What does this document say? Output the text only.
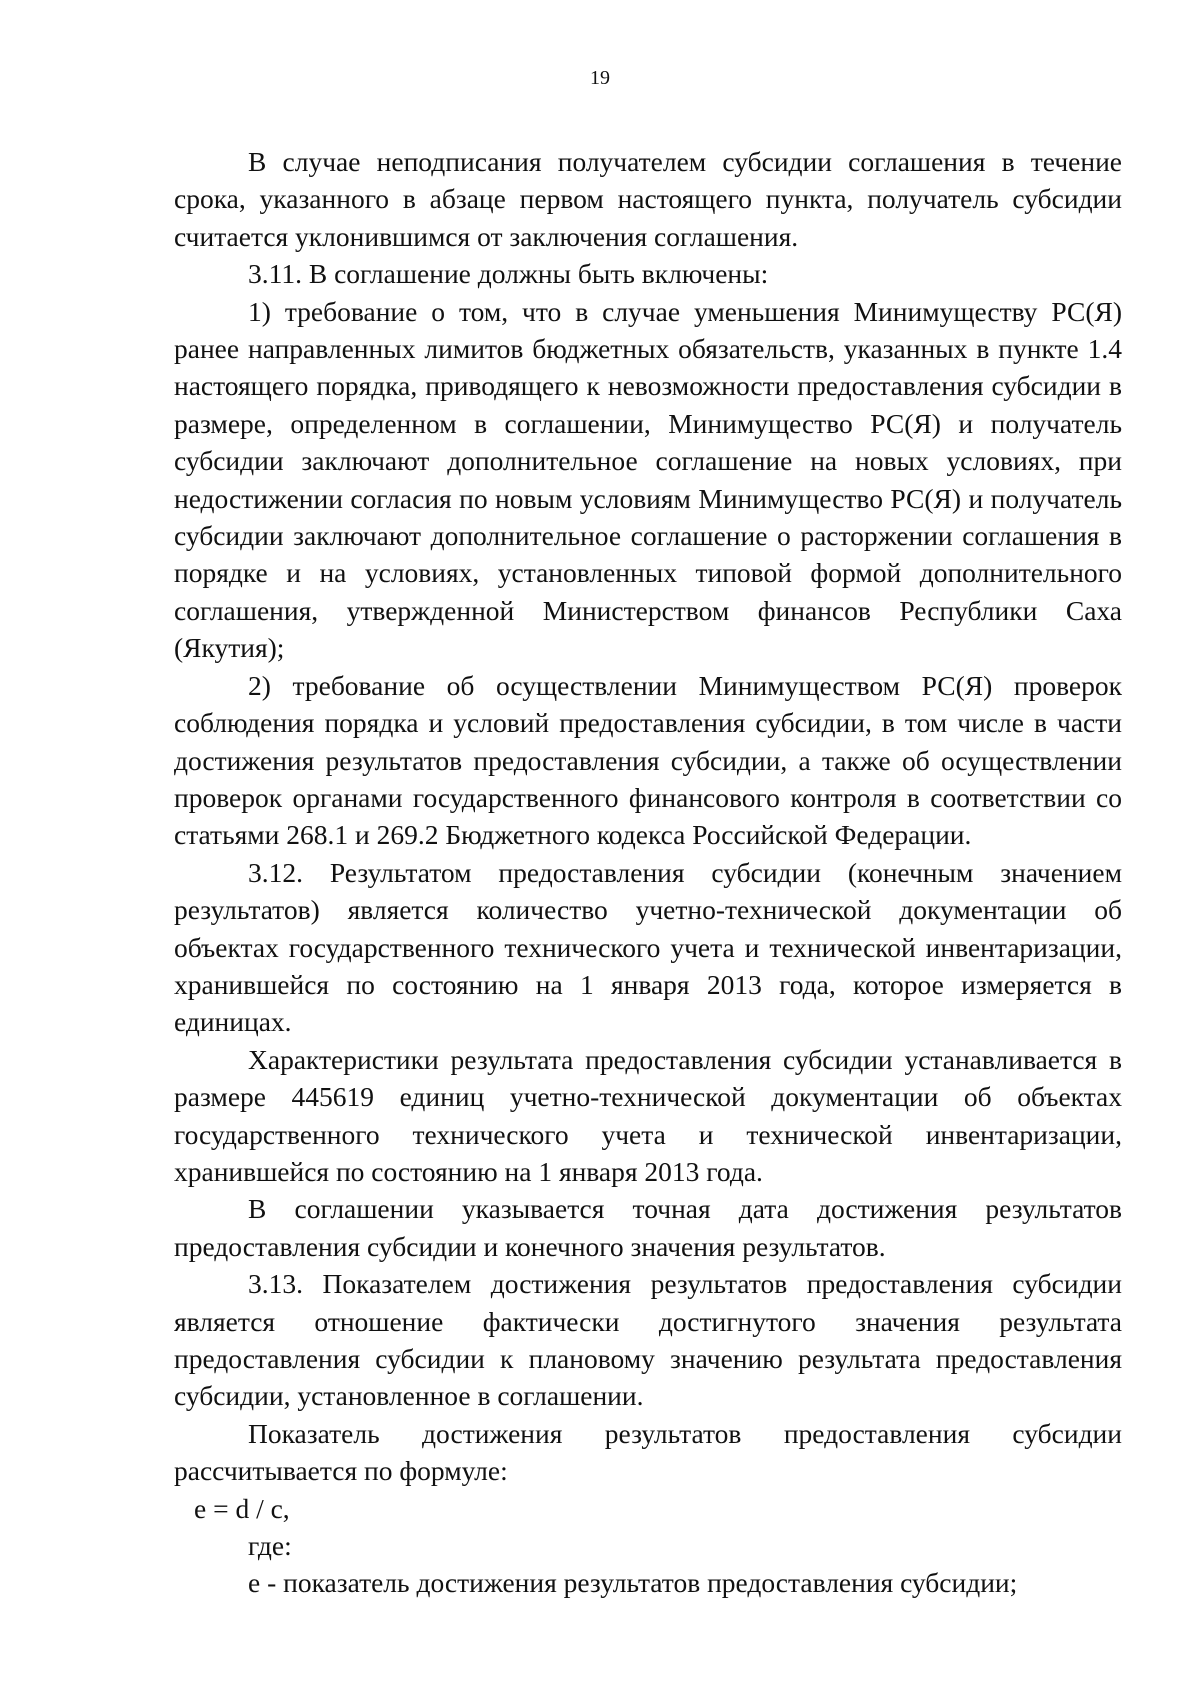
19

В случае неподписания получателем субсидии соглашения в течение срока, указанного в абзаце первом настоящего пункта, получатель субсидии считается уклонившимся от заключения соглашения.

3.11. В соглашение должны быть включены:

1) требование о том, что в случае уменьшения Минимуществу РС(Я) ранее направленных лимитов бюджетных обязательств, указанных в пункте 1.4 настоящего порядка, приводящего к невозможности предоставления субсидии в размере, определенном в соглашении, Минимущество РС(Я) и получатель субсидии заключают дополнительное соглашение на новых условиях, при недостижении согласия по новым условиям Минимущество РС(Я) и получатель субсидии заключают дополнительное соглашение о расторжении соглашения в порядке и на условиях, установленных типовой формой дополнительного соглашения, утвержденной Министерством финансов Республики Саха (Якутия);

2) требование об осуществлении Минимуществом РС(Я) проверок соблюдения порядка и условий предоставления субсидии, в том числе в части достижения результатов предоставления субсидии, а также об осуществлении проверок органами государственного финансового контроля в соответствии со статьями 268.1 и 269.2 Бюджетного кодекса Российской Федерации.

3.12. Результатом предоставления субсидии (конечным значением результатов) является количество учетно-технической документации об объектах государственного технического учета и технической инвентаризации, хранившейся по состоянию на 1 января 2013 года, которое измеряется в единицах.

Характеристики результата предоставления субсидии устанавливается в размере 445619 единиц учетно-технической документации об объектах государственного технического учета и технической инвентаризации, хранившейся по состоянию на 1 января 2013 года.

В соглашении указывается точная дата достижения результатов предоставления субсидии и конечного значения результатов.

3.13. Показателем достижения результатов предоставления субсидии является отношение фактически достигнутого значения результата предоставления субсидии к плановому значению результата предоставления субсидии, установленное в соглашении.

Показатель достижения результатов предоставления субсидии рассчитывается по формуле:

e = d / c,

где:

е - показатель достижения результатов предоставления субсидии;
